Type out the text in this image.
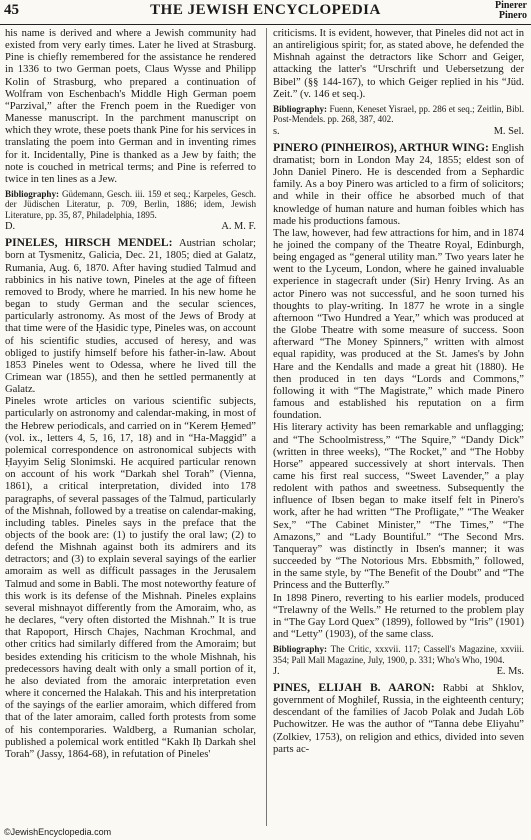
45	THE JEWISH ENCYCLOPEDIA	Pinerer
Pinero

his name is derived and where a Jewish community had existed from very early times. Later he lived at Strasburg. Pine is chiefly remembered for the assistance he rendered in 1336 to two German poets, Claus Wysse and Philipp Kolin of Strasburg, who prepared a continuation of Wolfram von Eschenbach's Middle High German poem “Parzival,” after the French poem in the Ruediger von Manesse manuscript. In the parchment manuscript on which they wrote, these poets thank Pine for his services in translating the poem into German and in inventing rimes for it. Incidentally, Pine is thanked as a Jew by faith; the note is couched in metrical terms; and Pine is referred to twice in ten lines as a Jew.

Bibliography: Güdemann, Gesch. iii. 159 et seq.; Karpeles, Gesch. der Jüdischen Literatur, p. 709, Berlin, 1886; idem, Jewish Literature, pp. 35, 87, Philadelphia, 1895.

D.	A. M. F.

PINELES, HIRSCH MENDEL: Austrian scholar; born at Tysmenitz, Galicia, Dec. 21, 1805; died at Galatz, Rumania, Aug. 6, 1870. After having studied Talmud and rabbinics in his native town, Pineles at the age of fifteen removed to Brody, where he married. In his new home he began to study German and the secular sciences, particularly astronomy. As most of the Jews of Brody at that time were of the Ḥasidic type, Pineles was, on account of his scientific studies, accused of heresy, and was obliged to justify himself before his father-in-law. About 1853 Pineles went to Odessa, where he lived till the Crimean war (1855), and then he settled permanently at Galatz.

Pineles wrote articles on various scientific subjects, particularly on astronomy and calendar-making, in most of the Hebrew periodicals, and carried on in “Kerem Ḥemed” (vol. ix., letters 4, 5, 16, 17, 18) and in “Ha-Maggid” a polemical correspondence on astronomical subjects with Ḥayyim Selig Slonimski. He acquired particular renown on account of his work “Darkah shel Torah” (Vienna, 1861), a critical interpretation, divided into 178 paragraphs, of several passages of the Talmud, particularly of the Mishnah, followed by a treatise on calendar-making, including tables. Pineles says in the preface that the objects of the book are: (1) to justify the oral law; (2) to defend the Mishnah against both its admirers and its detractors; and (3) to explain several sayings of the earlier amoraim as well as difficult passages in the Jerusalem Talmud and some in Babli. The most noteworthy feature of this work is its defense of the Mishnah. Pineles explains several mishnayot differently from the Amoraim, who, as he declares, “very often distorted the Mishnah.” It is true that Rapoport, Hirsch Chajes, Nachman Krochmal, and other critics had similarly differed from the Amoraim; but besides extending his criticism to the whole Mishnah, his predecessors having dealt with only a small portion of it, he also deviated from the amoraic interpretation even where it concerned the Halakah. This and his interpretation of the sayings of the earlier amoraim, which differed from that of the later amoraim, called forth protests from some of his contemporaries. Waldberg, a Rumanian scholar, published a polemical work entitled “Kakh Iḥ Darkah shel Torah” (Jassy, 1864-68), in refutation of Pineles'

criticisms. It is evident, however, that Pineles did not act in an antireligious spirit; for, as stated above, he defended the Mishnah against the detractors like Schorr and Geiger, attacking the latter's “Urschrift und Uebersetzung der Bibel” (§§ 144-167), to which Geiger replied in his “Jüd. Zeit.” (v. 146 et seq.).

Bibliography: Fuenn, Keneset Yisrael, pp. 286 et seq.; Zeitlin, Bibl. Post-Mendels. pp. 268, 387, 402.

s.	M. Sel.

PINERO (PINHEIROS), ARTHUR WING: English dramatist; born in London May 24, 1855; eldest son of John Daniel Pinero. He is descended from a Sephardic family. As a boy Pinero was articled to a firm of solicitors; and while in their office he absorbed much of that knowledge of human nature and human foibles which has made his productions famous.

The law, however, had few attractions for him, and in 1874 he joined the company of the Theatre Royal, Edinburgh, being engaged as “general utility man.” Two years later he went to the Lyceum, London, where he gained invaluable experience in stagecraft under (Sir) Henry Irving. As an actor Pinero was not successful, and he soon turned his thoughts to play-writing. In 1877 he wrote in a single afternoon “Two Hundred a Year,” which was produced at the Globe Theatre with some measure of success. Soon afterward “The Money Spinners,” written with almost equal rapidity, was produced at the St. James's by John Hare and the Kendalls and made a great hit (1880). He then produced in ten days “Lords and Commons,” following it with “The Magistrate,” which made Pinero famous and established his reputation on a firm foundation.

His literary activity has been remarkable and unflagging; and “The Schoolmistress,” “The Squire,” “Dandy Dick” (written in three weeks), “The Rocket,” and “The Hobby Horse” appeared successively at short intervals. Then came his first real success, “Sweet Lavender,” a play redolent with pathos and sweetness. Subsequently the influence of Ibsen began to make itself felt in Pinero's work, after he had written “The Profligate,” “The Weaker Sex,” “The Cabinet Minister,” “The Times,” “The Amazons,” and “Lady Bountiful.” “The Second Mrs. Tanqueray” was distinctly in Ibsen's manner; it was succeeded by “The Notorious Mrs. Ebbsmith,” followed, in the same style, by “The Benefit of the Doubt” and “The Princess and the Butterfly.”

In 1898 Pinero, reverting to his earlier models, produced “Trelawny of the Wells.” He returned to the problem play in “The Gay Lord Quex” (1899), followed by “Iris” (1901) and “Letty” (1903), of the same class.

Bibliography: The Critic, xxxvii. 117; Cassell's Magazine, xxviii. 354; Pall Mall Magazine, July, 1900, p. 331; Who's Who, 1904.

J.	E. Ms.

PINES, ELIJAH B. AARON: Rabbi at Shklov, government of Moghilef, Russia, in the eighteenth century; descendant of the families of Jacob Polak and Judah Löb Puchowitzer. He was the author of “Tanna debe Eliyahu” (Zolkiev, 1753), on religion and ethics, divided into seven parts ac-

©JewishEncyclopedia.com
